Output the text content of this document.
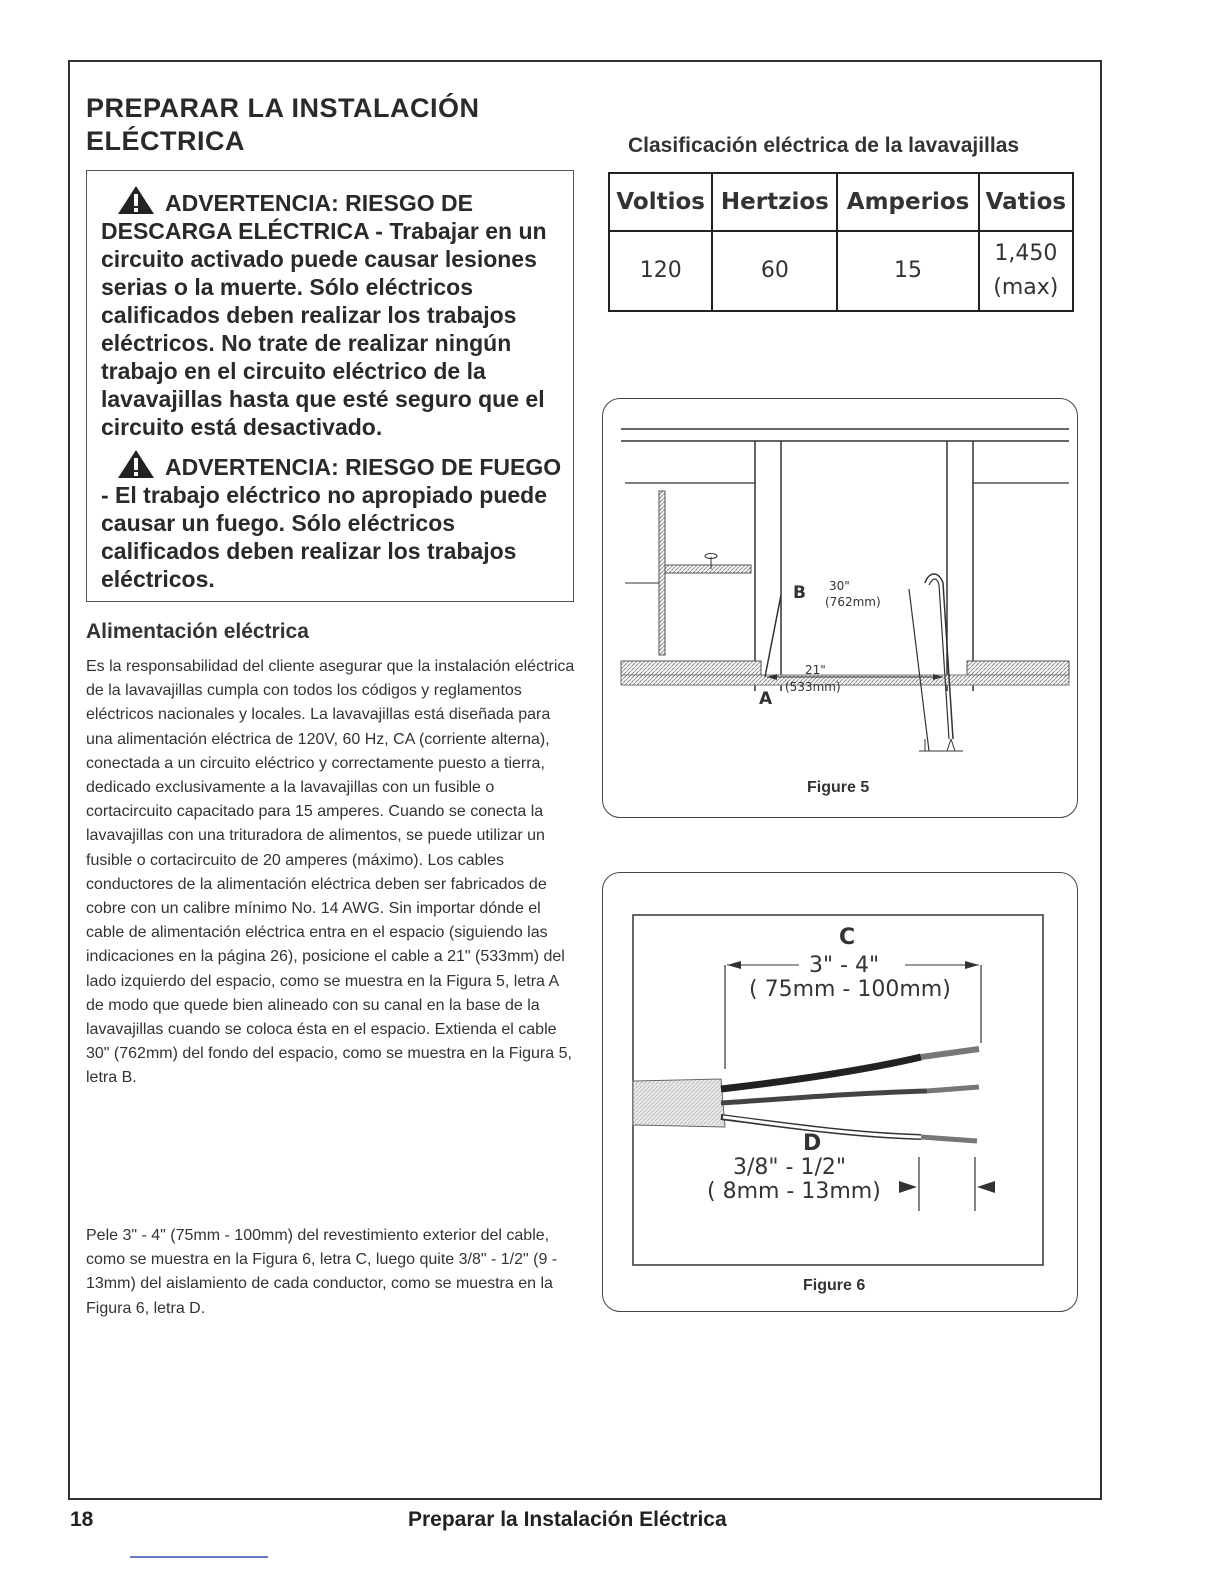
PREPARAR LA INSTALACIÓN ELÉCTRICA

ADVERTENCIA: RIESGO DE DESCARGA ELÉCTRICA - Trabajar en un circuito activado puede causar lesiones serias o la muerte. Sólo eléctricos calificados deben realizar los trabajos eléctricos. No trate de realizar ningún trabajo en el circuito eléctrico de la lavavajillas hasta que esté seguro que el circuito está desactivado.

ADVERTENCIA: RIESGO DE FUEGO - El trabajo eléctrico no apropiado puede causar un fuego. Sólo eléctricos calificados deben realizar los trabajos eléctricos.

Alimentación eléctrica

Es la responsabilidad del cliente asegurar que la instalación eléctrica de la lavavajillas cumpla con todos los códigos y reglamentos eléctricos nacionales y locales. La lavavajillas está diseñada para una alimentación eléctrica de 120V, 60 Hz, CA (corriente alterna), conectada a un circuito eléctrico y correctamente puesto a tierra, dedicado exclusivamente a la lavavajillas con un fusible o cortacircuito capacitado para 15 amperes. Cuando se conecta la lavavajillas con una trituradora de alimentos, se puede utilizar un fusible o cortacircuito de 20 amperes (máximo). Los cables conductores de la alimentación eléctrica deben ser fabricados de cobre con un calibre mínimo No. 14 AWG. Sin importar dónde el cable de alimentación eléctrica entra en el espacio (siguiendo las indicaciones en la página 26), posicione el cable a 21" (533mm) del lado izquierdo del espacio, como se muestra en la Figura 5, letra A de modo que quede bien alineado con su canal en la base de la lavavajillas cuando se coloca ésta en el espacio. Extienda el cable 30" (762mm) del fondo del espacio, como se muestra en la Figura 5, letra B.

Pele 3" - 4" (75mm - 100mm) del revestimiento exterior del cable, como se muestra en la Figura 6, letra C, luego quite 3/8" - 1/2" (9 - 13mm) del aislamiento de cada conductor, como se muestra en la Figura 6, letra D.

Clasificación eléctrica de la lavavajillas
Voltios	Hertzios	Amperios	Vatios
120	60	15	1,450
(max)
B 30"
(762mm)
21"
(533mm)
A
Figure 5
C
3" - 4"
( 75mm - 100mm)
D
3/8" - 1/2"
( 8mm - 13mm)
Figure 6

18	Preparar la Instalación Eléctrica
